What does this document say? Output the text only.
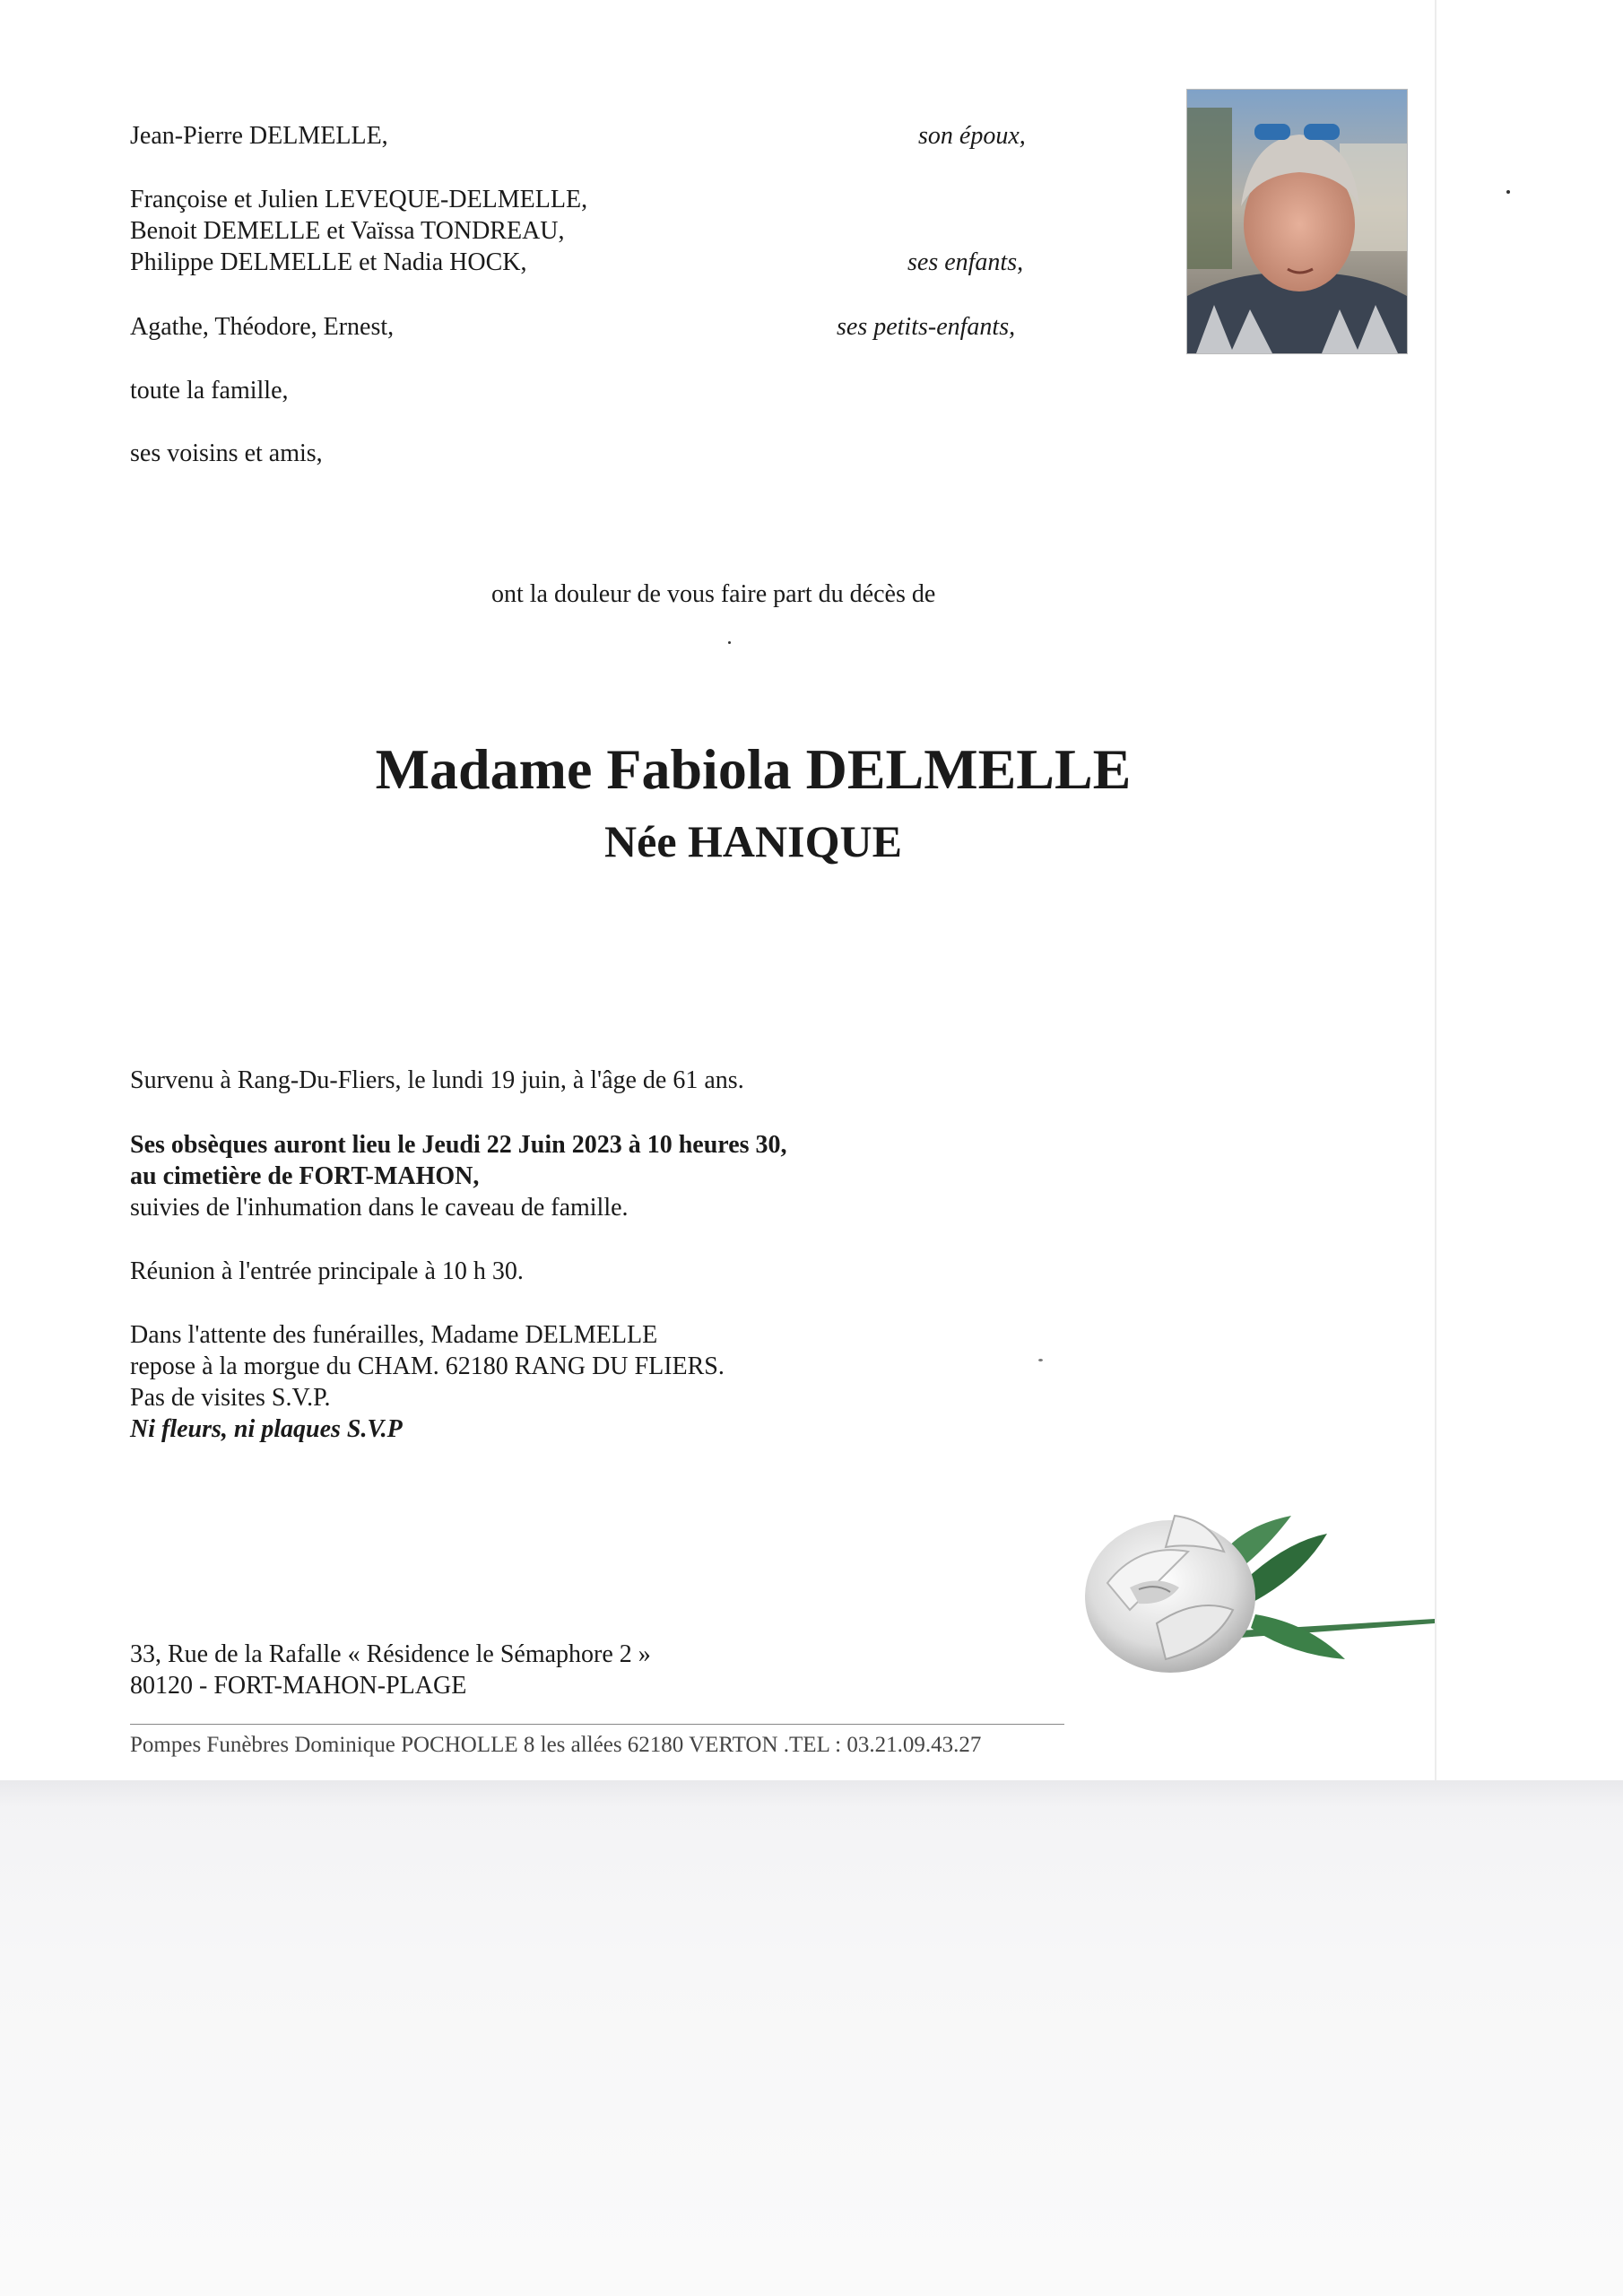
Jean-Pierre DELMELLE,	son époux,
Françoise et Julien LEVEQUE-DELMELLE,
Benoit DEMELLE et Vaïssa TONDREAU,
Philippe DELMELLE et Nadia HOCK,	ses enfants,
Agathe, Théodore, Ernest,	ses petits-enfants,
toute la famille,
ses voisins et amis,
ont la douleur de vous faire part du décès de
Madame Fabiola DELMELLE
Née HANIQUE
Survenu à Rang-Du-Fliers, le lundi 19 juin, à l'âge de 61 ans.
Ses obsèques auront lieu le Jeudi 22 Juin 2023 à 10 heures 30,
au cimetière de FORT-MAHON,
suivies de l'inhumation dans le caveau de famille.
Réunion à l'entrée principale à 10 h 30.
Dans l'attente des funérailles, Madame DELMELLE
repose à la morgue du CHAM. 62180 RANG DU FLIERS.
Pas de visites S.V.P.
Ni fleurs, ni plaques S.V.P
33, Rue de la Rafalle « Résidence le Sémaphore 2 »
80120 - FORT-MAHON-PLAGE
Pompes Funèbres Dominique POCHOLLE 8 les allées 62180 VERTON .TEL : 03.21.09.43.27
